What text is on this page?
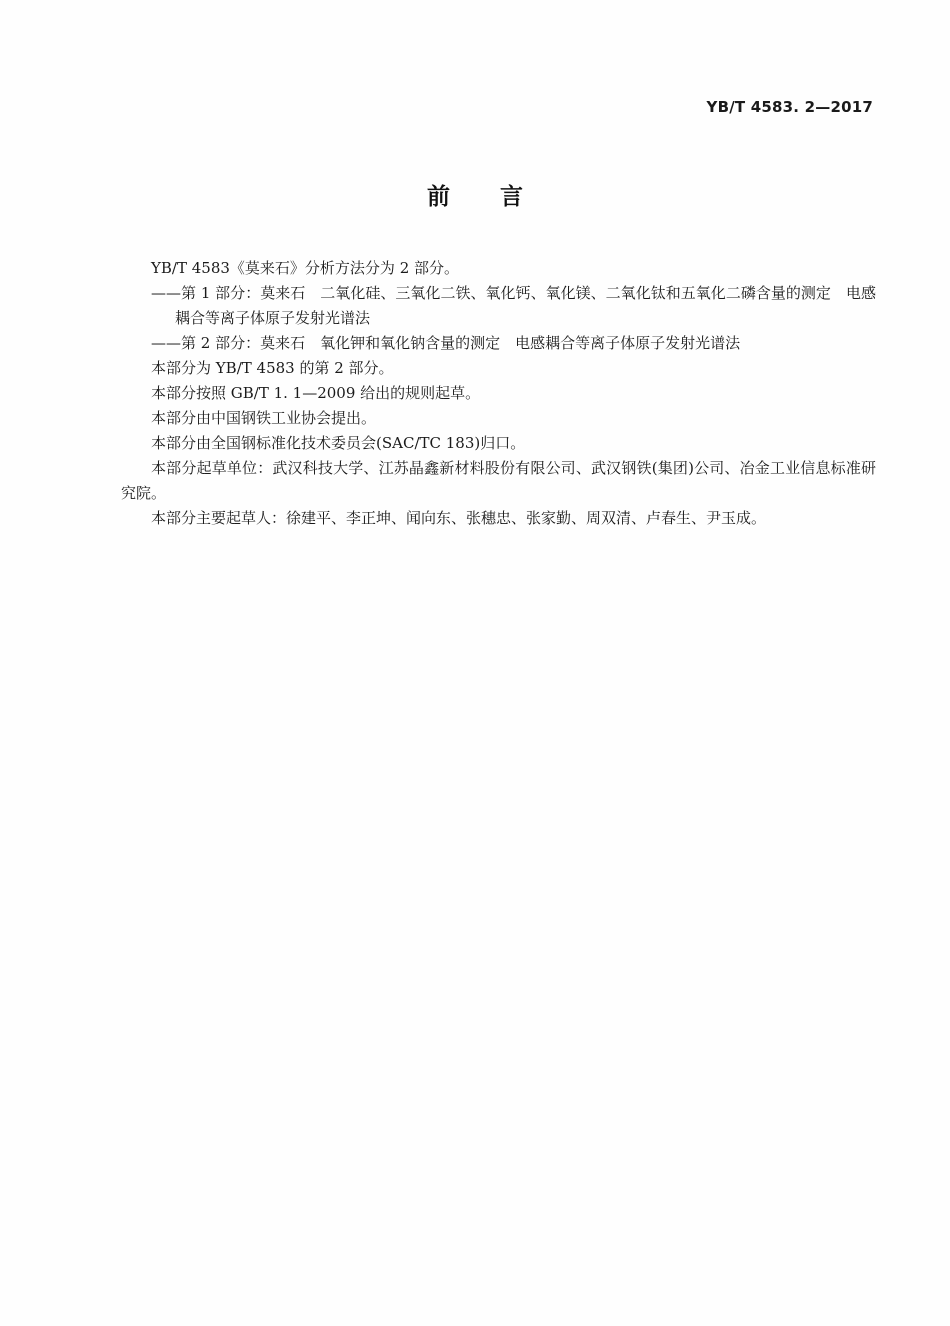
YB/T 4583. 2—2017
前言

YB/T 4583《莫来石》分析方法分为 2 部分。

——第 1 部分：莫来石　二氧化硅、三氧化二铁、氧化钙、氧化镁、二氧化钛和五氧化二磷含量的测定　电感耦合等离子体原子发射光谱法

——第 2 部分：莫来石　氧化钾和氧化钠含量的测定　电感耦合等离子体原子发射光谱法

本部分为 YB/T 4583 的第 2 部分。

本部分按照 GB/T 1. 1—2009 给出的规则起草。

本部分由中国钢铁工业协会提出。

本部分由全国钢标准化技术委员会(SAC/TC 183)归口。

本部分起草单位：武汉科技大学、江苏晶鑫新材料股份有限公司、武汉钢铁(集团)公司、冶金工业信息标准研究院。

本部分主要起草人：徐建平、李正坤、闻向东、张穗忠、张家勤、周双清、卢春生、尹玉成。
